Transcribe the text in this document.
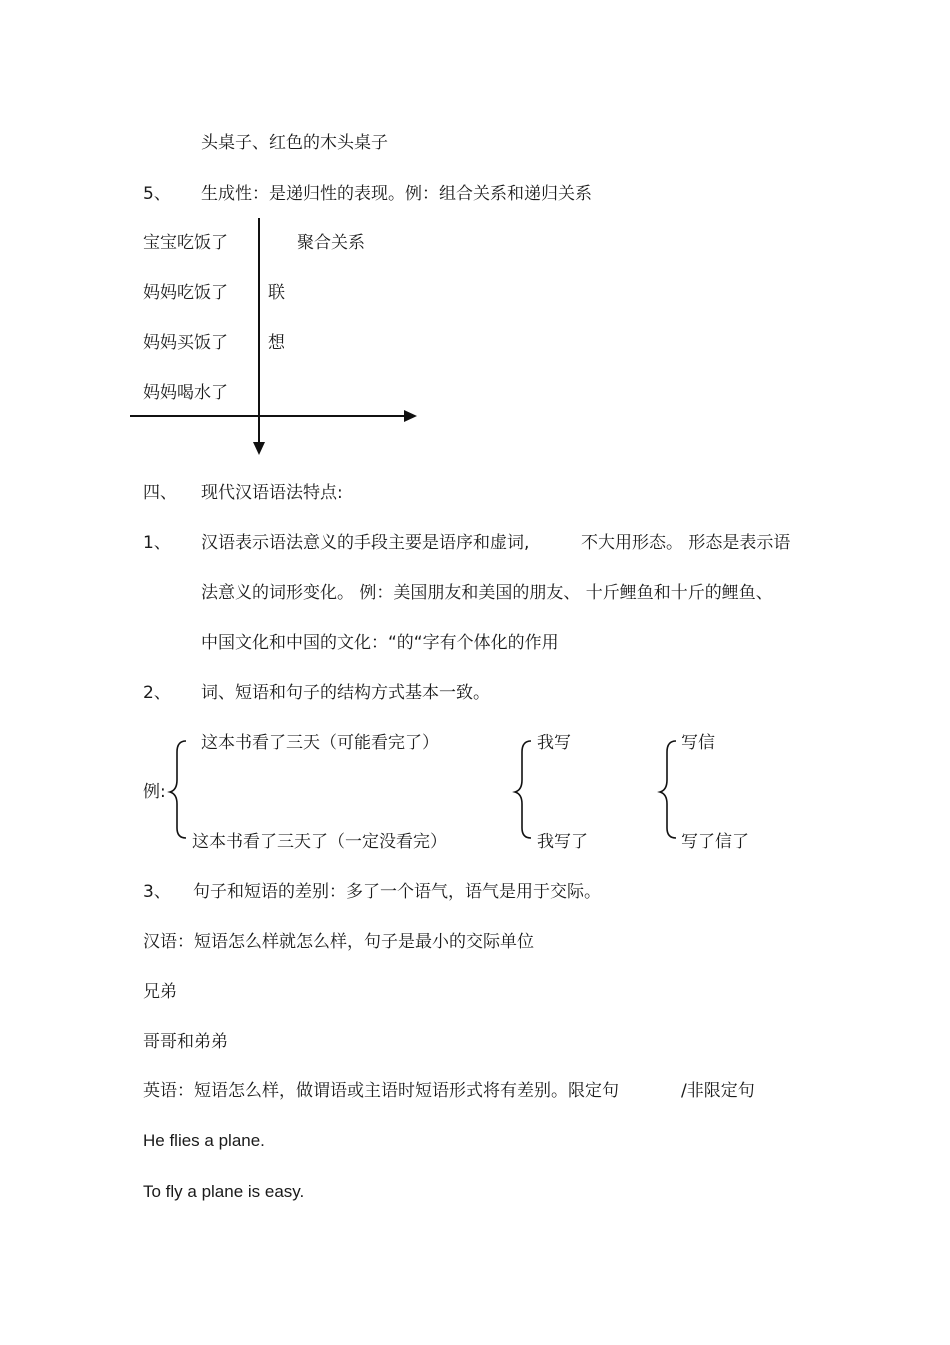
头桌子、红色的木头桌子
5、 生成性：是递归性的表现。例：组合关系和递归关系
宝宝吃饭了	聚合关系
妈妈吃饭了 联
妈妈买饭了 想
妈妈喝水了
四、 现代汉语语法特点:
1、 汉语表示语法意义的手段主要是语序和虚词,	不大用形态。 形态是表示语
法意义的词形变化。 例：美国朋友和美国的朋友、 十斤鲤鱼和十斤的鲤鱼、
中国文化和中国的文化：“的“字有个体化的作用
2、 词、短语和句子的结构方式基本一致。
例:
这本书看了三天（可能看完了）
这本书看了三天了（一定没看完）
我写
我写了
写信
写了信了
3、 句子和短语的差别：多了一个语气，语气是用于交际。
汉语：短语怎么样就怎么样，句子是最小的交际单位
兄弟
哥哥和弟弟
英语：短语怎么样，做谓语或主语时短语形式将有差别。限定句	/非限定句
He flies a plane.
To fly a plane is easy.
